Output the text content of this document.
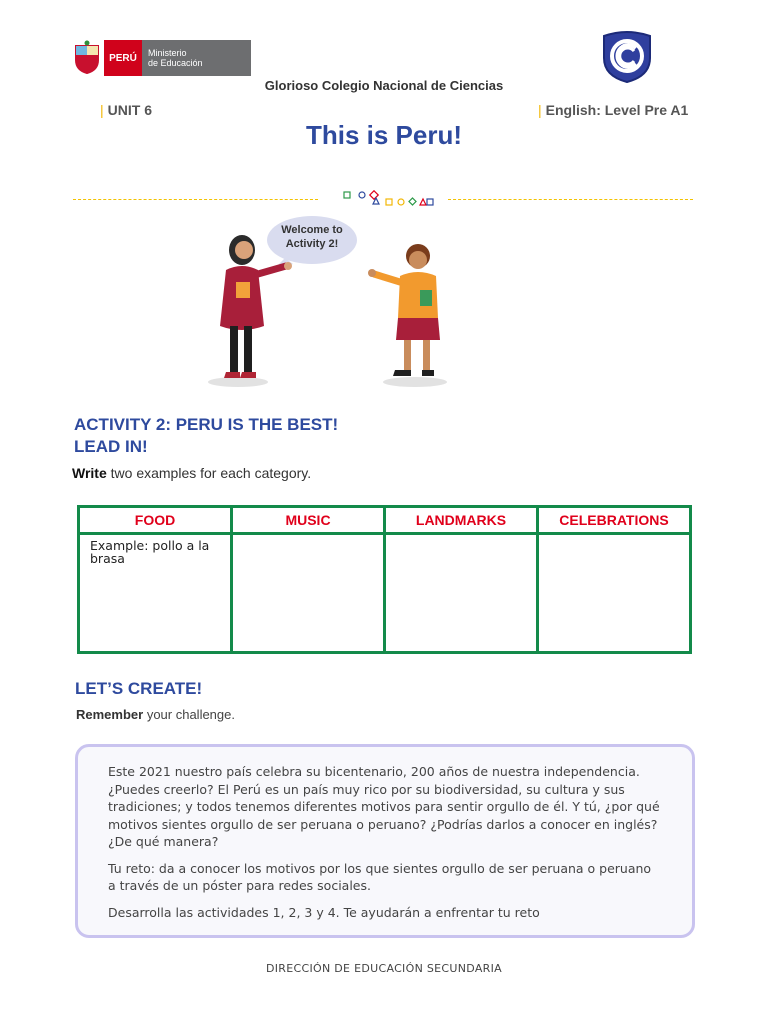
PERÚ	Ministerio
de Educación
Glorioso Colegio Nacional de Ciencias
| UNIT 6	| English: Level Pre A1
This is Peru!
Welcome to
Activity 2!
ACTIVITY 2: PERU IS THE BEST!
LEAD IN!
Write two examples for each category.
FOOD	MUSIC	LANDMARKS	CELEBRATIONS
Example: pollo a la brasa			
LET’S CREATE!
Remember your challenge.

Este 2021 nuestro país celebra su bicentenario, 200 años de nuestra independencia. ¿Puedes creerlo? El Perú es un país muy rico por su biodiversidad, su cultura y sus tradiciones; y todos tenemos diferentes motivos para sentir orgullo de él. Y tú, ¿por qué motivos sientes orgullo de ser peruana o peruano? ¿Podrías darlos a conocer en inglés? ¿De qué manera?

Tu reto: da a conocer los motivos por los que sientes orgullo de ser peruana o peruano a través de un póster para redes sociales.

Desarrolla las actividades 1, 2, 3 y 4. Te ayudarán a enfrentar tu reto

DIRECCIÓN DE EDUCACIÓN SECUNDARIA
